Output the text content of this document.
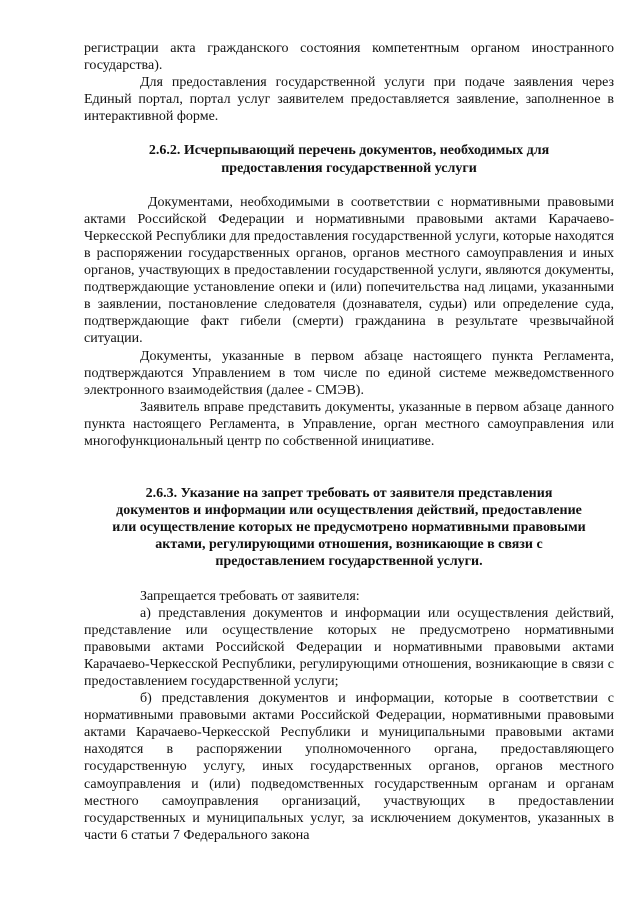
регистрации акта гражданского состояния компетентным органом иностранного государства).

Для предоставления государственной услуги при подаче заявления через Единый портал, портал услуг заявителем предоставляется заявление, заполненное в интерактивной форме.

2.6.2. Исчерпывающий перечень документов, необходимых для
предоставления государственной услуги

Документами, необходимыми в соответствии с нормативными правовыми актами Российской Федерации и нормативными правовыми актами Карачаево-Черкесской Республики для предоставления государственной услуги, которые находятся в распоряжении государственных органов, органов местного самоуправления и иных органов, участвующих в предоставлении государственной услуги, являются документы, подтверждающие установление опеки и (или) попечительства над лицами, указанными в заявлении, постановление следователя (дознавателя, судьи) или определение суда, подтверждающие факт гибели (смерти) гражданина в результате чрезвычайной ситуации.

Документы, указанные в первом абзаце настоящего пункта Регламента, подтверждаются Управлением в том числе по единой системе межведомственного электронного взаимодействия (далее - СМЭВ).

Заявитель вправе представить документы, указанные в первом абзаце данного пункта настоящего Регламента, в Управление, орган местного самоуправления или многофункциональный центр по собственной инициативе.

2.6.3. Указание на запрет требовать от заявителя представления
документов и информации или осуществления действий, предоставление
или осуществление которых не предусмотрено нормативными правовыми
актами, регулирующими отношения, возникающие в связи с
предоставлением государственной услуги.

Запрещается требовать от заявителя:

а) представления документов и информации или осуществления действий, представление или осуществление которых не предусмотрено нормативными правовыми актами Российской Федерации и нормативными правовыми актами Карачаево-Черкесской Республики, регулирующими отношения, возникающие в связи с предоставлением государственной услуги;

б) представления документов и информации, которые в соответствии с нормативными правовыми актами Российской Федерации, нормативными правовыми актами Карачаево-Черкесской Республики и муниципальными правовыми актами находятся в распоряжении уполномоченного органа, предоставляющего государственную услугу, иных государственных органов, органов местного самоуправления и (или) подведомственных государственным органам и органам местного самоуправления организаций, участвующих в предоставлении государственных и муниципальных услуг, за исключением документов, указанных в части 6 статьи 7 Федерального закона
